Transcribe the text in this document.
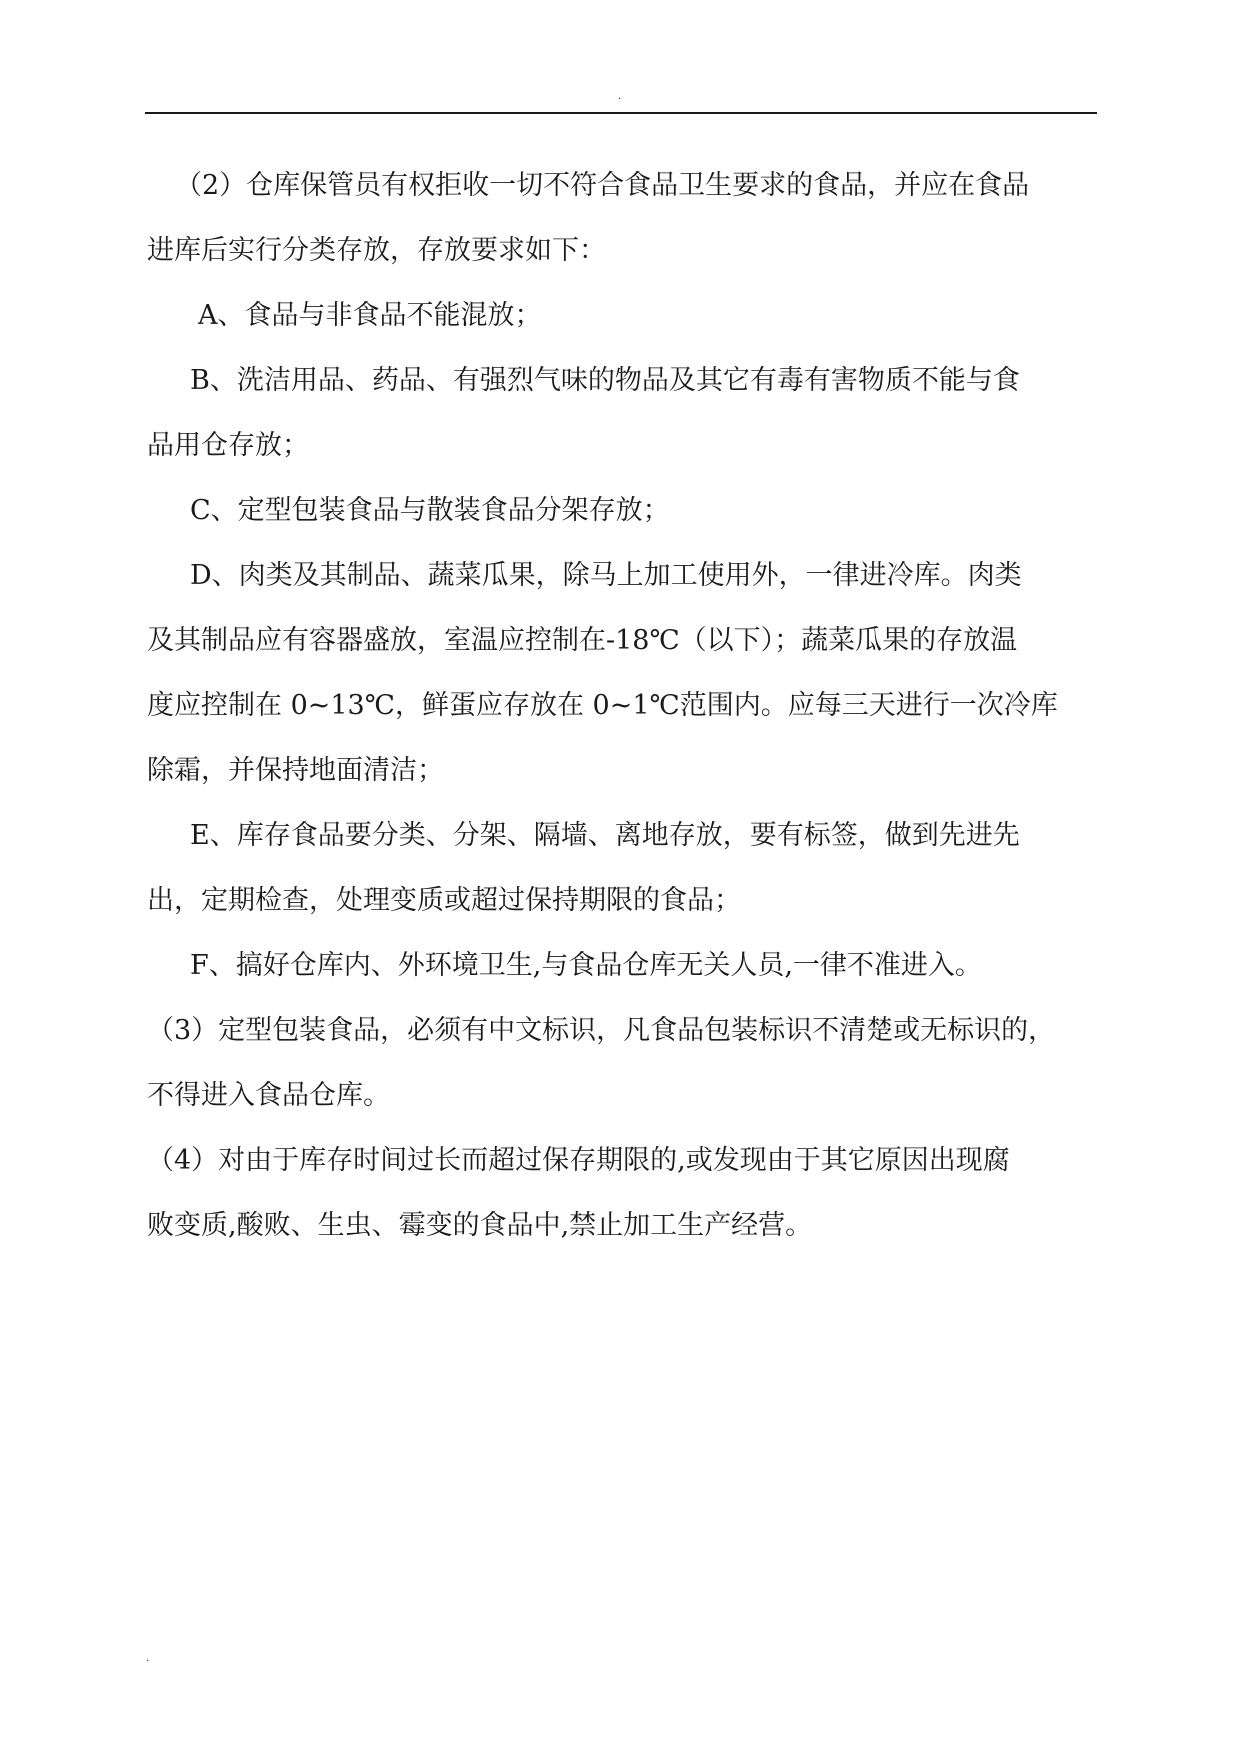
.
（2）仓库保管员有权拒收一切不符合食品卫生要求的食品，并应在食品
进库后实行分类存放，存放要求如下：
A、食品与非食品不能混放；
B、洗洁用品、药品、有强烈气味的物品及其它有毒有害物质不能与食
品用仓存放；
C、定型包装食品与散装食品分架存放；
D、肉类及其制品、蔬菜瓜果，除马上加工使用外，一律进冷库。肉类
及其制品应有容器盛放，室温应控制在-18℃（以下）；蔬菜瓜果的存放温
度应控制在 0~13℃，鲜蛋应存放在 0~1℃范围内。应每三天进行一次冷库
除霜，并保持地面清洁；
E、库存食品要分类、分架、隔墙、离地存放，要有标签，做到先进先
出，定期检查，处理变质或超过保持期限的食品；
F、搞好仓库内、外环境卫生,与食品仓库无关人员,一律不准进入。
（3）定型包装食品，必须有中文标识，凡食品包装标识不清楚或无标识的，
不得进入食品仓库。
（4）对由于库存时间过长而超过保存期限的,或发现由于其它原因出现腐
败变质,酸败、生虫、霉变的食品中,禁止加工生产经营。
.
